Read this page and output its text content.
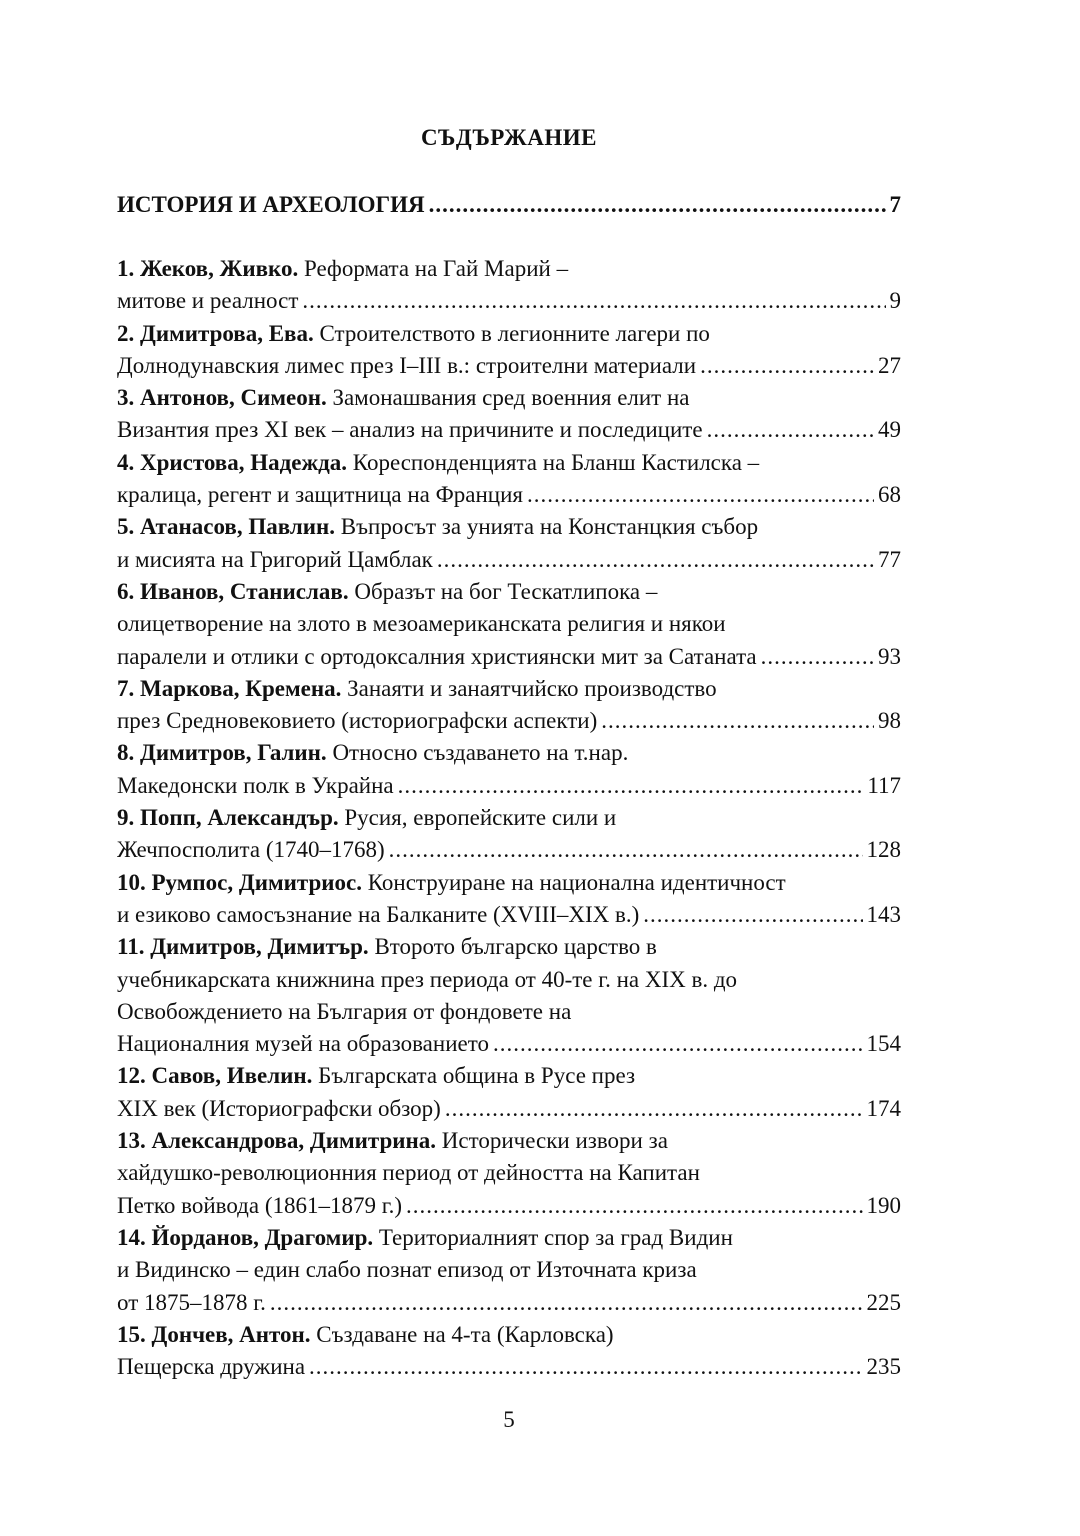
СЪДЪРЖАНИЕ
ИСТОРИЯ И АРХЕОЛОГИЯ .....	7
1. Жеков, Живко. Реформата на Гай Марий –
митове и реалност .....	9
2. Димитрова, Ева. Строителството в легионните лагери по
Долнодунавския лимес през I–III в.: строителни материали .....	27
3. Антонов, Симеон. Замонашвания сред военния елит на
Византия през XI век – анализ на причините и последиците .....	49
4. Христова, Надежда. Кореспонденцията на Бланш Кастилска –
кралица, регент и защитница на Франция .....	68
5. Атанасов, Павлин. Въпросът за унията на Констанцкия събор
и мисията на Григорий Цамблак .....	77
6. Иванов, Станислав. Образът на бог Тескатлипока –
олицетворение на злото в мезоамериканската религия и някои
паралели и отлики с ортодоксалния християнски мит за Сатаната .....	93
7. Маркова, Кремена. Занаяти и занаятчийско производство
през Средновековието (историографски аспекти) .....	98
8. Димитров, Галин. Относно създаването на т.нар.
Македонски полк в Украйна .....	117
9. Попп, Александър. Русия, европейските сили и
Жечпосполита (1740–1768) .....	128
10. Румпос, Димитриос. Конструиране на национална идентичност
и езиково самосъзнание на Балканите (XVIII–XIX в.) .....	143
11. Димитров, Димитър. Второто българско царство в
учебникарската книжнина през периода от 40-те г. на XIX в. до
Освобождението на България от фондовете на
Националния музей на образованието .....	154
12. Савов, Ивелин. Българската община в Русе през
XIX век (Историографски обзор) .....	174
13. Александрова, Димитрина. Исторически извори за
хайдушко-революционния период от дейността на Капитан
Петко войвода (1861–1879 г.) .....	190
14. Йорданов, Драгомир. Териториалният спор за град Видин
и Видинско – един слабо познат епизод от Източната криза
от 1875–1878 г. .....	225
15. Дончев, Антон. Създаване на 4-та (Карловска)
Пещерска дружина .....	235
5
